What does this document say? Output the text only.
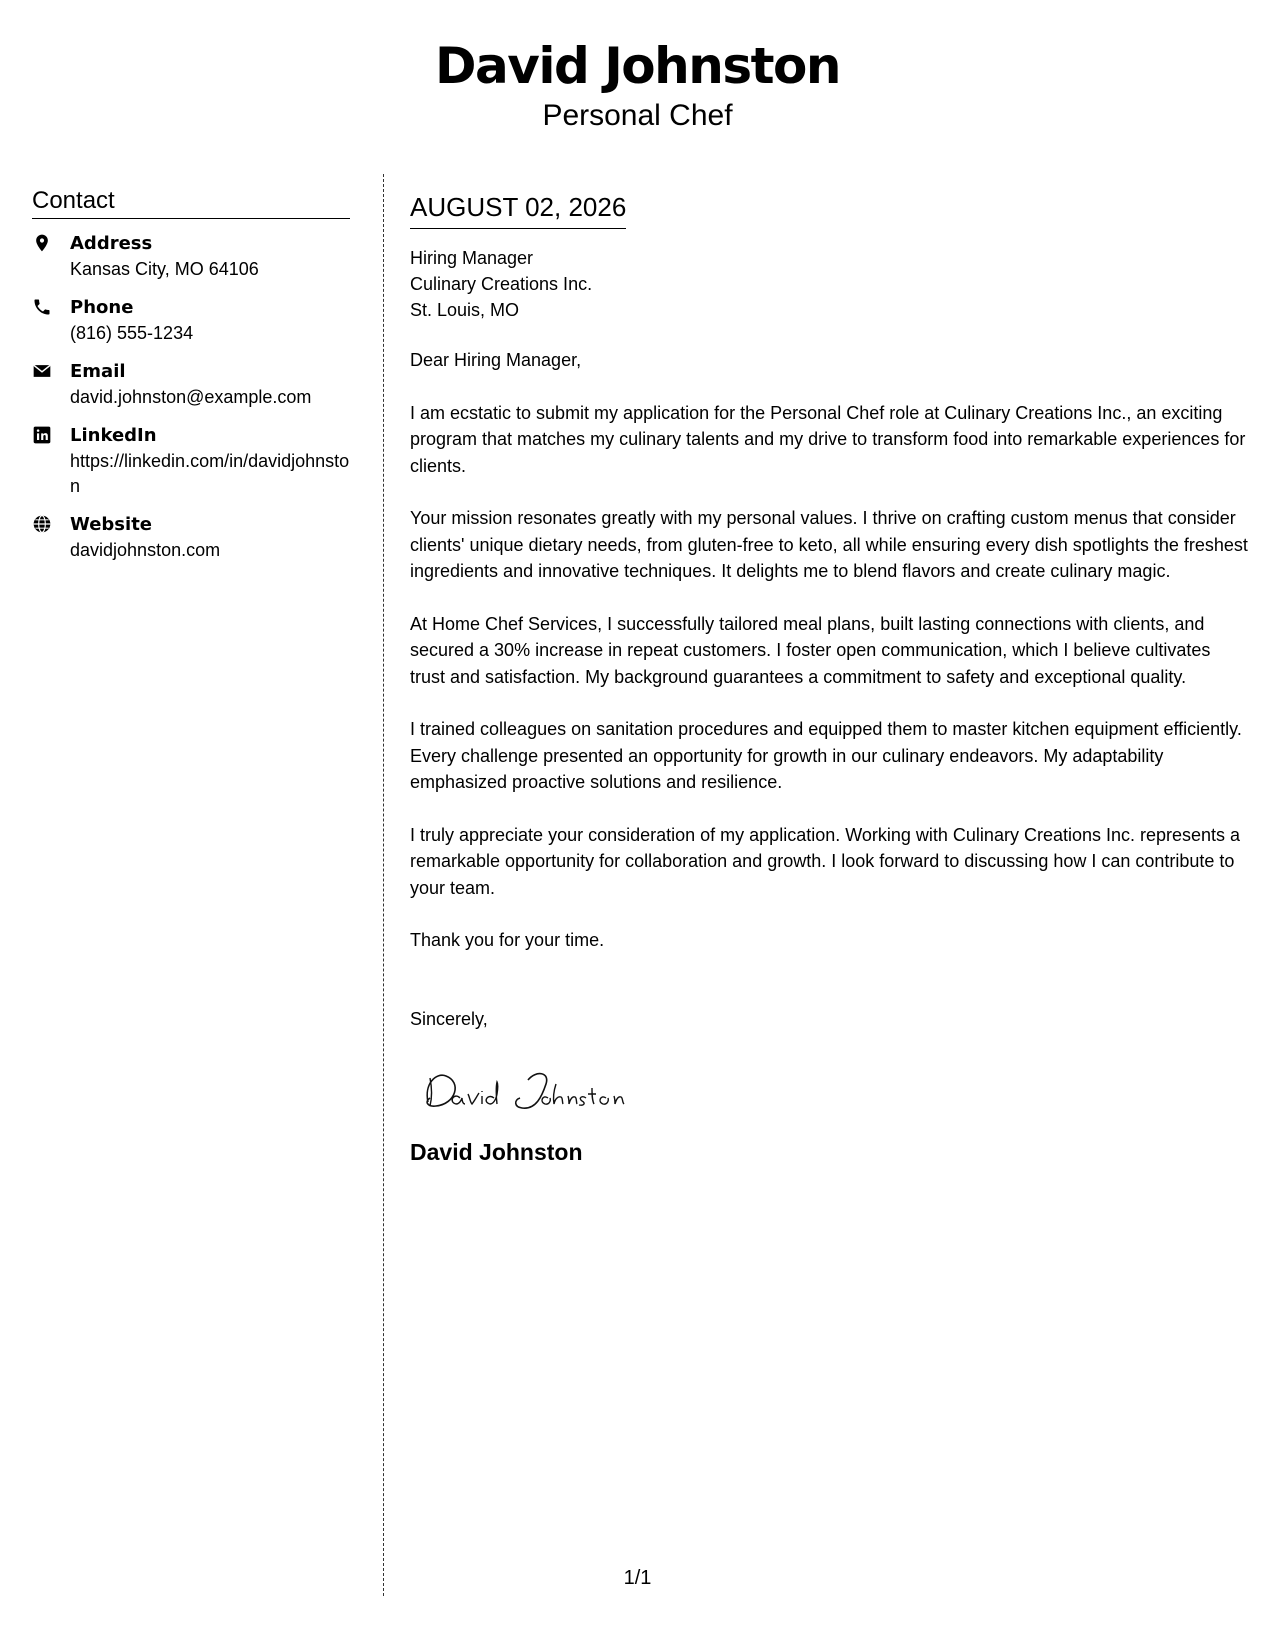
David Johnston
Personal Chef
Contact
Address
Kansas City, MO 64106
Phone
(816) 555-1234
Email
david.johnston@example.com
LinkedIn
https://linkedin.com/in/davidjohnston
Website
davidjohnston.com
AUGUST 02, 2026
Hiring Manager
Culinary Creations Inc.
St. Louis, MO

Dear Hiring Manager,

I am ecstatic to submit my application for the Personal Chef role at Culinary Creations Inc., an exciting program that matches my culinary talents and my drive to transform food into remarkable experiences for clients.

Your mission resonates greatly with my personal values. I thrive on crafting custom menus that consider clients' unique dietary needs, from gluten-free to keto, all while ensuring every dish spotlights the freshest ingredients and innovative techniques. It delights me to blend flavors and create culinary magic.

At Home Chef Services, I successfully tailored meal plans, built lasting connections with clients, and secured a 30% increase in repeat customers. I foster open communication, which I believe cultivates trust and satisfaction. My background guarantees a commitment to safety and exceptional quality.

I trained colleagues on sanitation procedures and equipped them to master kitchen equipment efficiently. Every challenge presented an opportunity for growth in our culinary endeavors. My adaptability emphasized proactive solutions and resilience.

I truly appreciate your consideration of my application. Working with Culinary Creations Inc. represents a remarkable opportunity for collaboration and growth. I look forward to discussing how I can contribute to your team.

Thank you for your time.

Sincerely,
David Johnston
1/1
